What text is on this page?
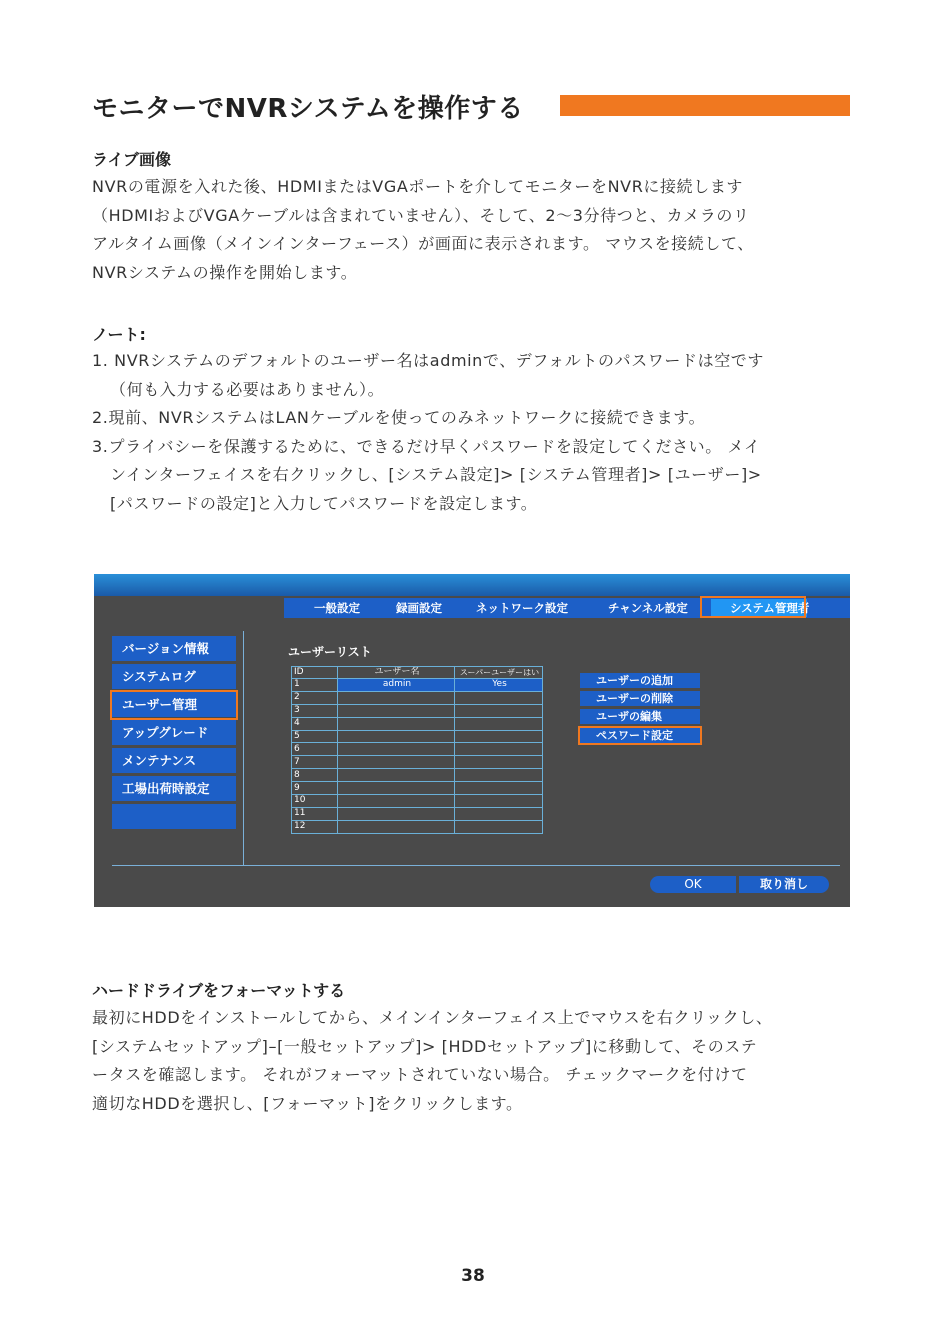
モニターでNVRシステムを操作する
ライブ画像
NVRの電源を入れた後、HDMIまたはVGAポートを介してモニターをNVRに接続します
（HDMIおよびVGAケーブルは含まれていません）、そして、2〜3分待つと、カメラのリ
アルタイム画像（メインインターフェース）が画面に表示されます。 マウスを接続して、
NVRシステムの操作を開始します。
ノート:
1. NVRシステムのデフォルトのユーザー名はadminで、デフォルトのパスワードは空です
（何も入力する必要はありません）。
2.現前、NVRシステムはLANケーブルを使ってのみネットワークに接続できます。
3.プライバシーを保護するために、できるだけ早くパスワードを設定してください。 メイ
ンインターフェイスを右クリックし、[システム設定]> [システム管理者]> [ユーザー]>
[パスワードの設定]と入力してパスワードを設定します。
一般設定	録画設定	ネットワーク設定	チャンネル設定	システム管理者
バージョン情報
システムログ
ユーザー管理
アップグレード
メンテナンス
工場出荷時設定
ユーザーリスト
ID	ユーザー名	スーパーユーザーはい
1	admin	Yes
2		
3		
4		
5		
6		
7		
8		
9		
10		
11		
12		
ユーザーの追加
ユーザーの削除
ユーザの編集
ペスワード設定
OK	取り消し
ハードドライブをフォーマットする
最初にHDDをインストールしてから、メインインターフェイス上でマウスを右クリックし、
[システムセットアップ]–[一般セットアップ]> [HDDセットアップ]に移動して、そのステ
ータスを確認します。 それがフォーマットされていない場合。 チェックマークを付けて
適切なHDDを選択し、[フォーマット]をクリックします。
38
